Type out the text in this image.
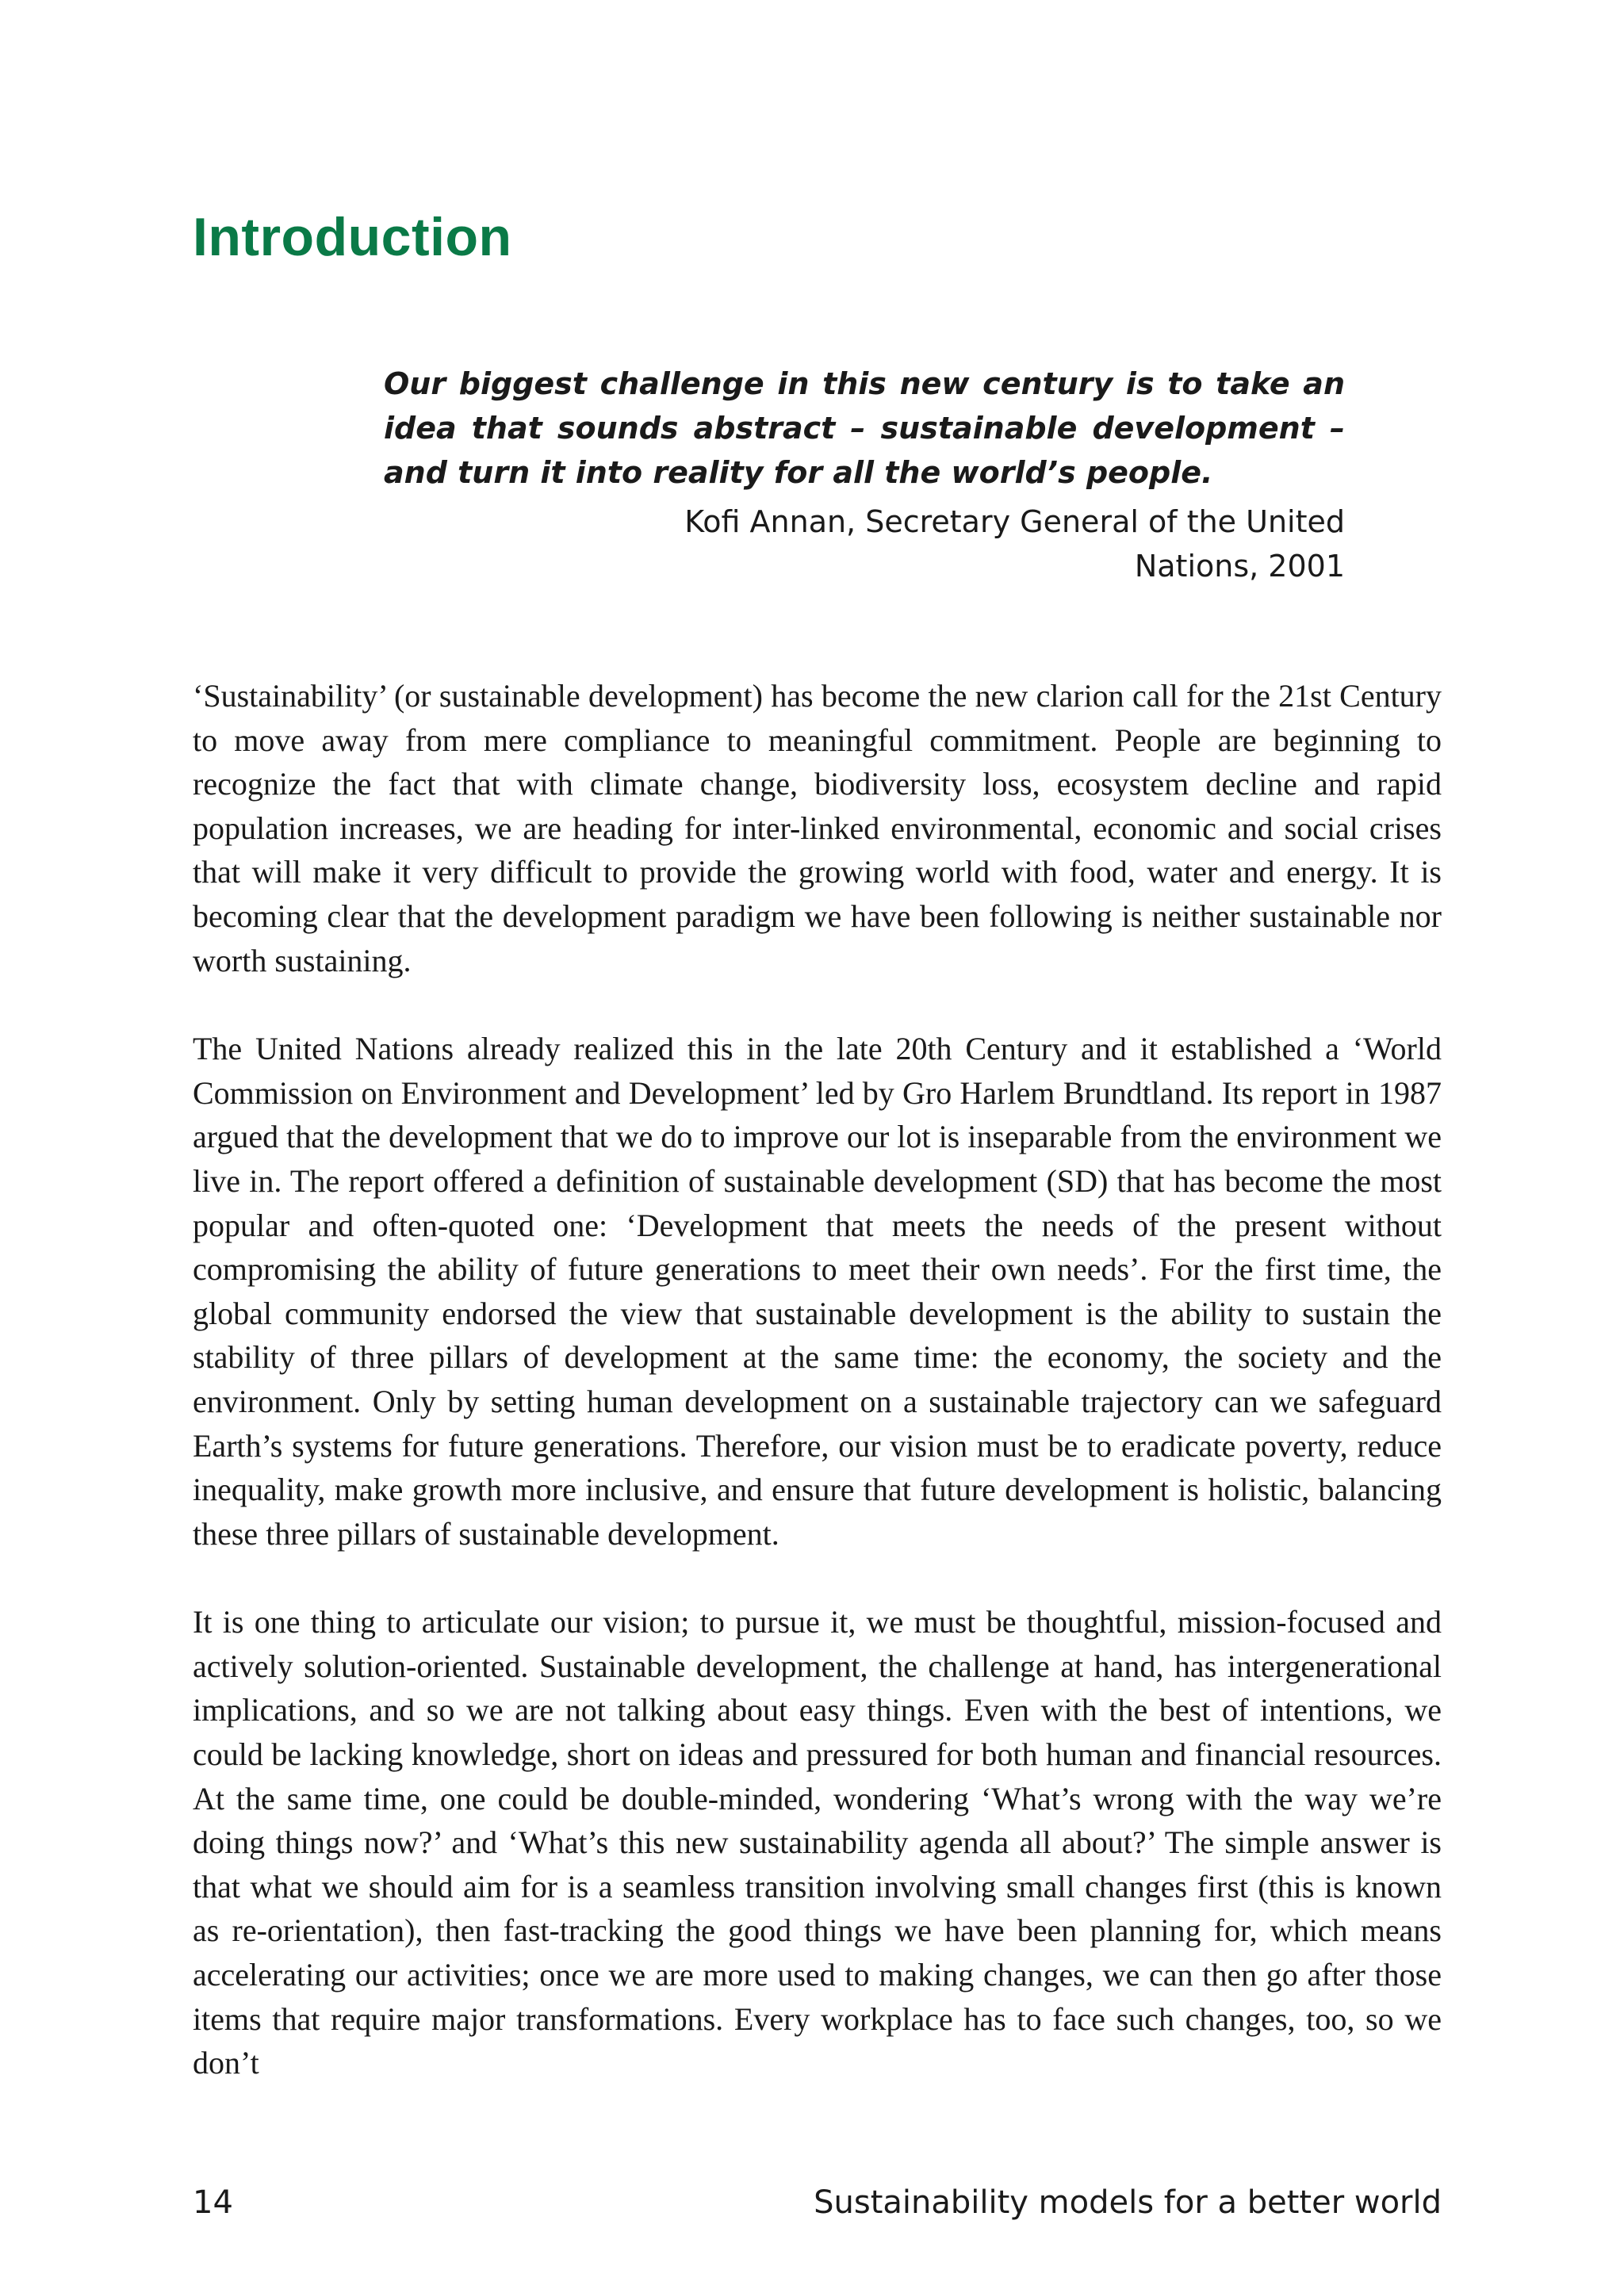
Introduction

Our biggest challenge in this new century is to take an idea that sounds abstract – sustainable development – and turn it into reality for all the world’s people.

Kofi Annan, Secretary General of the United Nations, 2001

‘Sustainability’ (or sustainable development) has become the new clarion call for the 21st Century to move away from mere compliance to meaningful commitment. People are beginning to recognize the fact that with climate change, biodiversity loss, ecosystem decline and rapid population increases, we are heading for inter-linked environmental, economic and social crises that will make it very difficult to provide the growing world with food, water and energy. It is becoming clear that the development paradigm we have been following is neither sustainable nor worth sustaining.

The United Nations already realized this in the late 20th Century and it established a ‘World Commission on Environment and Development’ led by Gro Harlem Brundtland. Its report in 1987 argued that the development that we do to improve our lot is inseparable from the environment we live in. The report offered a definition of sustainable development (SD) that has become the most popular and often-quoted one: ‘Development that meets the needs of the present without compromising the ability of future generations to meet their own needs’. For the first time, the global community endorsed the view that sustainable development is the ability to sustain the stability of three pillars of development at the same time: the economy, the society and the environment. Only by setting human development on a sustainable trajectory can we safeguard Earth’s systems for future generations. Therefore, our vision must be to eradicate poverty, reduce inequality, make growth more inclusive, and ensure that future development is holistic, balancing these three pillars of sustainable development.

It is one thing to articulate our vision; to pursue it, we must be thoughtful, mission-focused and actively solution-oriented. Sustainable development, the challenge at hand, has intergenerational implications, and so we are not talking about easy things. Even with the best of intentions, we could be lacking knowledge, short on ideas and pressured for both human and financial resources. At the same time, one could be double-minded, wondering ‘What’s wrong with the way we’re doing things now?’ and ‘What’s this new sustainability agenda all about?’ The simple answer is that what we should aim for is a seamless transition involving small changes first (this is known as re-orientation), then fast-tracking the good things we have been planning for, which means accelerating our activities; once we are more used to making changes, we can then go after those items that require major transformations. Every workplace has to face such changes, too, so we don’t

14	Sustainability models for a better world
